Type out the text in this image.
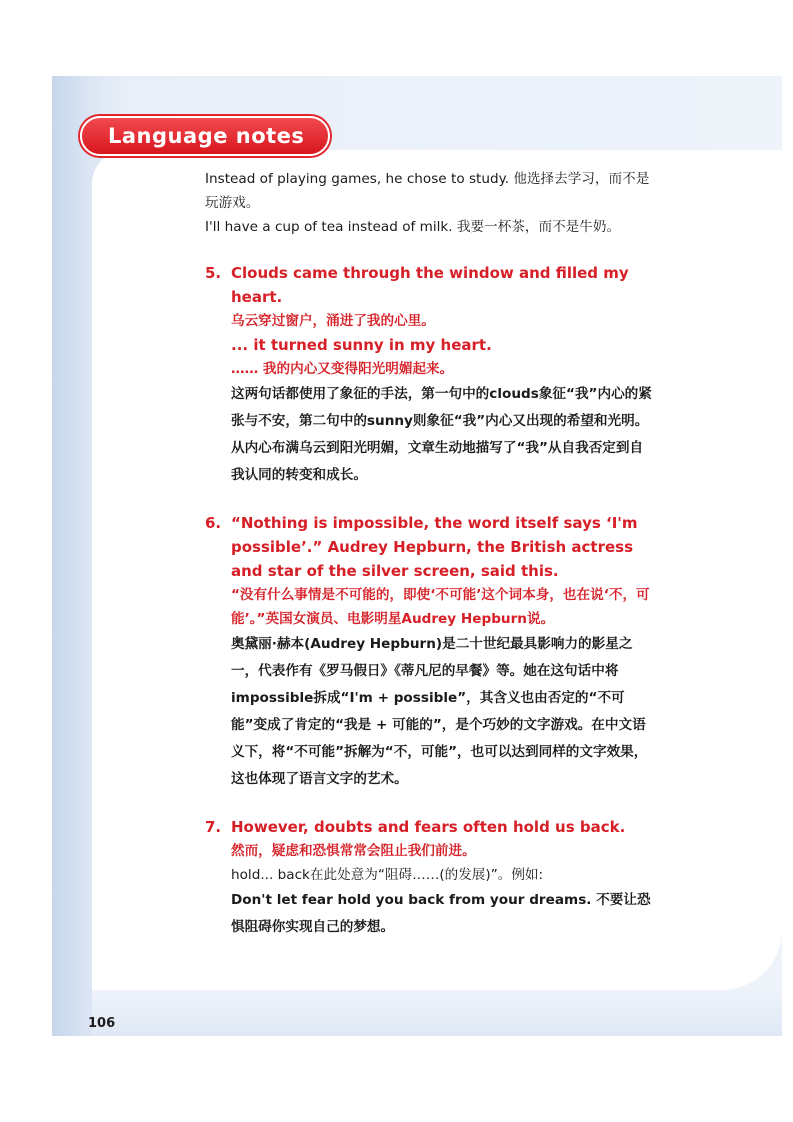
Language notes

Instead of playing games, he chose to study. 他选择去学习，而不是玩游戏。

I'll have a cup of tea instead of milk. 我要一杯茶，而不是牛奶。

5. Clouds came through the window and filled my heart.

乌云穿过窗户，涌进了我的心里。

... it turned sunny in my heart.

…… 我的内心又变得阳光明媚起来。

这两句话都使用了象征的手法，第一句中的clouds象征“我”内心的紧张与不安，第二句中的sunny则象征“我”内心又出现的希望和光明。从内心布满乌云到阳光明媚，文章生动地描写了“我”从自我否定到自我认同的转变和成长。

6. “Nothing is impossible, the word itself says ‘I'm possible’.” Audrey Hepburn, the British actress and star of the silver screen, said this.

“没有什么事情是不可能的，即使‘不可能’这个词本身，也在说‘不，可能’。”英国女演员、电影明星Audrey Hepburn说。

奥黛丽·赫本(Audrey Hepburn)是二十世纪最具影响力的影星之一，代表作有《罗马假日》《蒂凡尼的早餐》等。她在这句话中将impossible拆成“I'm + possible”，其含义也由否定的“不可能”变成了肯定的“我是 + 可能的”，是个巧妙的文字游戏。在中文语义下，将“不可能”拆解为“不，可能”，也可以达到同样的文字效果，这也体现了语言文字的艺术。

7. However, doubts and fears often hold us back.

然而，疑虑和恐惧常常会阻止我们前进。

hold... back在此处意为“阻碍……(的发展)”。例如:

Don't let fear hold you back from your dreams. 不要让恐惧阻碍你实现自己的梦想。

106
